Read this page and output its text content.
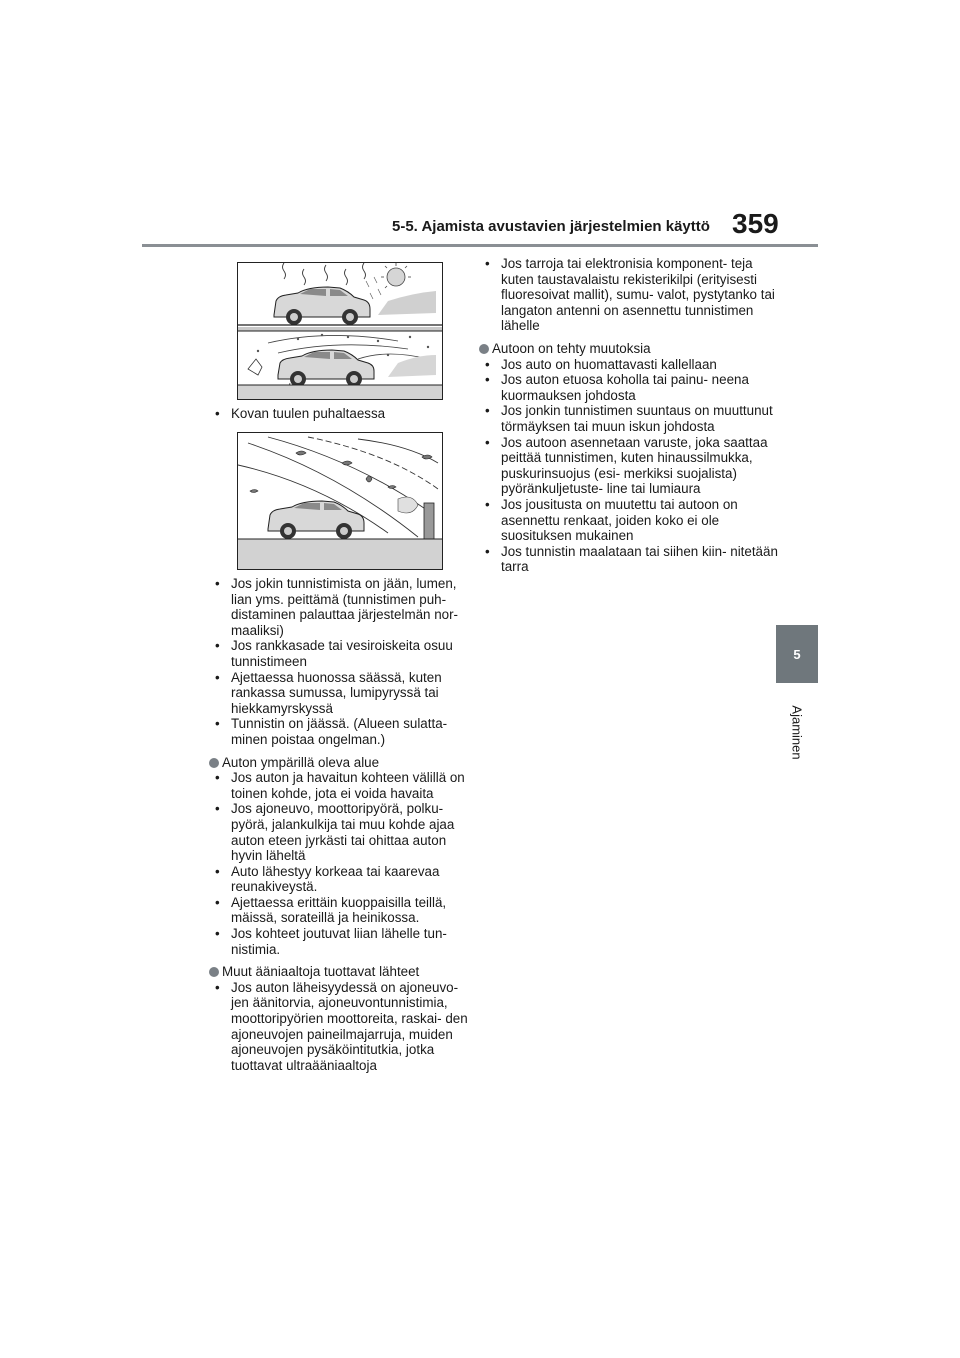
5-5. Ajamista avustavien järjestelmien käyttö 359
5
Ajaminen

• Kovan tuulen puhaltaessa

• Jos jokin tunnistimista on jään, lumen, lian yms. peittämä (tunnistimen puh- distaminen palauttaa järjestelmän nor- maaliksi)

• Jos rankkasade tai vesiroiskeita osuu tunnistimeen

• Ajettaessa huonossa säässä, kuten rankassa sumussa, lumipyryssä tai hiekkamyrskyssä

• Tunnistin on jäässä. (Alueen sulatta- minen poistaa ongelman.)

Auton ympärillä oleva alue

• Jos auton ja havaitun kohteen välillä on toinen kohde, jota ei voida havaita

• Jos ajoneuvo, moottoripyörä, polku- pyörä, jalankulkija tai muu kohde ajaa auton eteen jyrkästi tai ohittaa auton hyvin läheltä

• Auto lähestyy korkeaa tai kaarevaa reunakiveystä.

• Ajettaessa erittäin kuoppaisilla teillä, mäissä, sorateillä ja heinikossa.

• Jos kohteet joutuvat liian lähelle tun- nistimia.

Muut ääniaaltoja tuottavat lähteet

• Jos auton läheisyydessä on ajoneuvo- jen äänitorvia, ajoneuvontunnistimia, moottoripyörien moottoreita, raskai- den ajoneuvojen paineilmajarruja, muiden ajoneuvojen pysäköintitutkia, jotka tuottavat ultraääniaaltoja

• Jos tarroja tai elektronisia komponent- teja kuten taustavalaistu rekisterikilpi (erityisesti fluoresoivat mallit), sumu- valot, pystytanko tai langaton antenni on asennettu tunnistimen lähelle

Autoon on tehty muutoksia

• Jos auto on huomattavasti kallellaan

• Jos auton etuosa koholla tai painu- neena kuormauksen johdosta

• Jos jonkin tunnistimen suuntaus on muuttunut törmäyksen tai muun iskun johdosta

• Jos autoon asennetaan varuste, joka saattaa peittää tunnistimen, kuten hinaussilmukka, puskurinsuojus (esi- merkiksi suojalista) pyöränkuljetuste- line tai lumiaura

• Jos jousitusta on muutettu tai autoon on asennettu renkaat, joiden koko ei ole suosituksen mukainen

• Jos tunnistin maalataan tai siihen kiin- nitetään tarra
